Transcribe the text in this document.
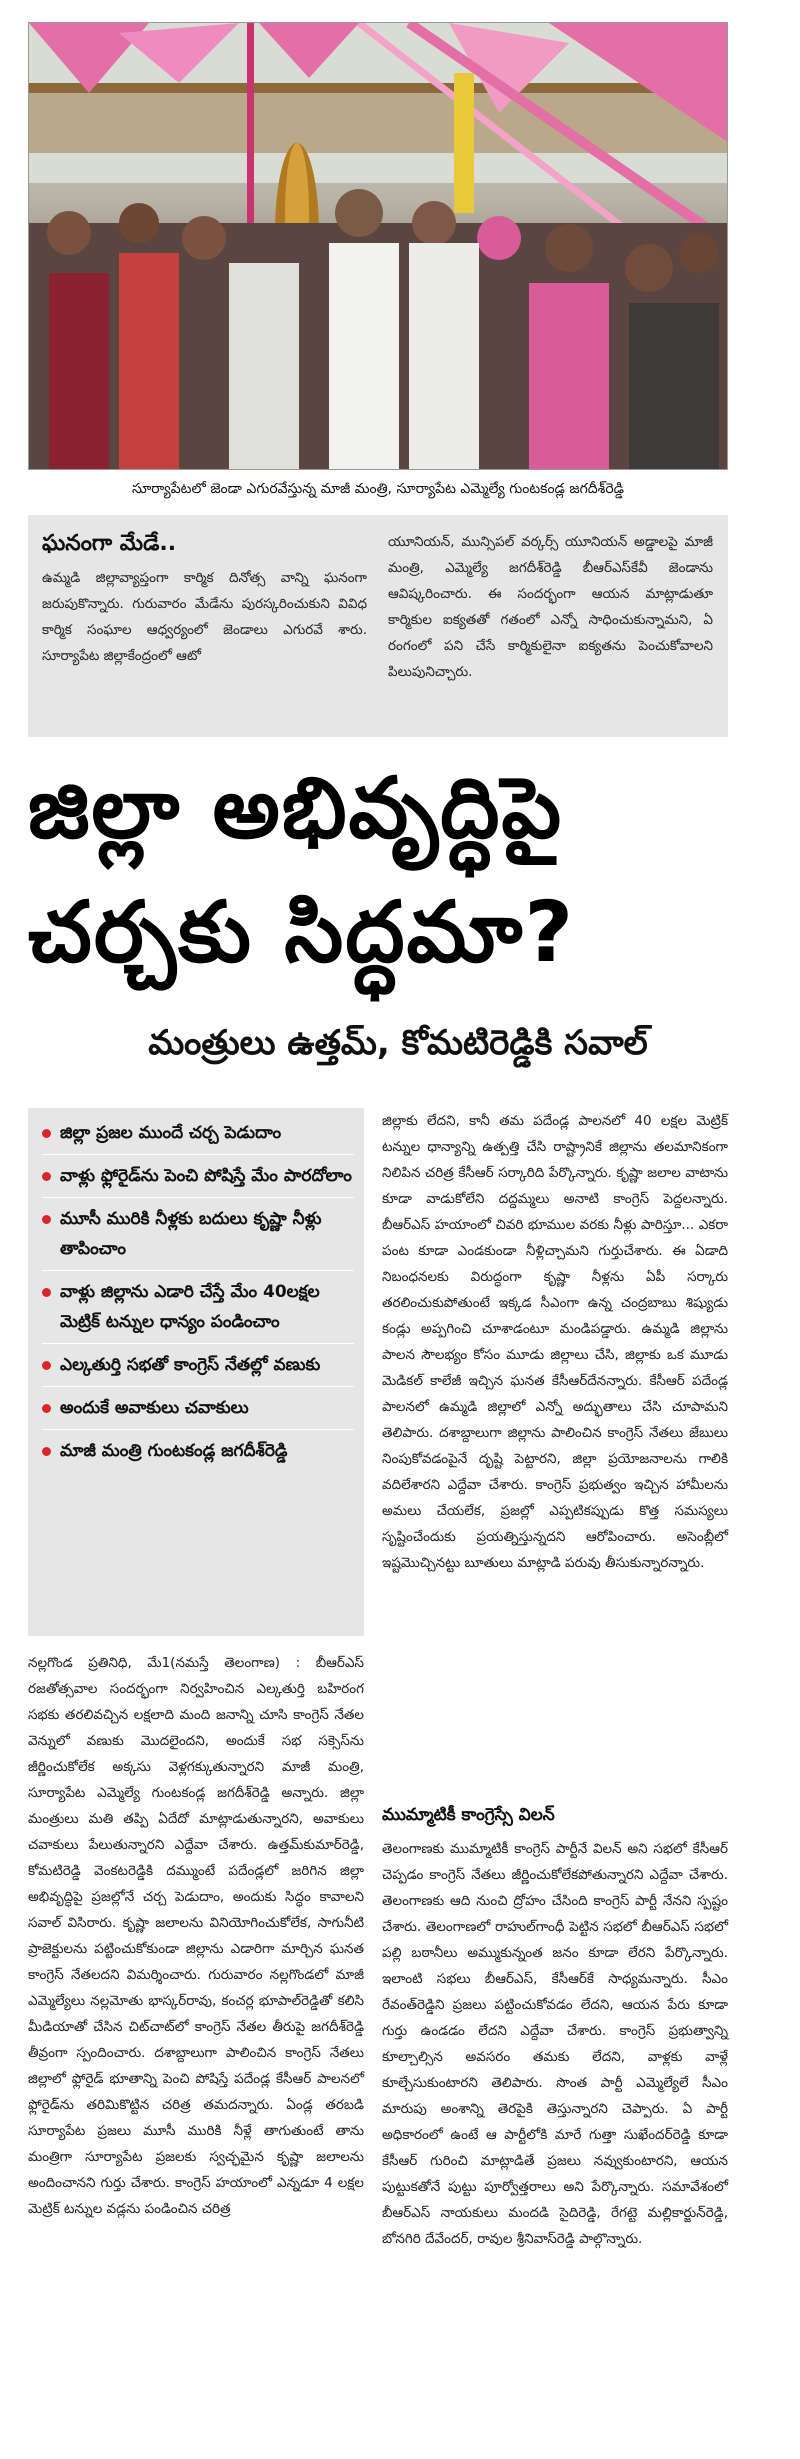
సూర్యాపేటలో జెండా ఎగురవేస్తున్న మాజీ మంత్రి, సూర్యాపేట ఎమ్మెల్యే గుంటకండ్ల జగదీశ్‌రెడ్డి
ఘనంగా మేడే..
ఉమ్మడి జిల్లావ్యాప్తంగా కార్మిక దినోత్స వాన్ని ఘనంగా జరుపుకొన్నారు. గురువారం మేడేను పురస్కరించుకుని వివిధ కార్మిక సంఘాల ఆధ్వర్యంలో జెండాలు ఎగురవే శారు. సూర్యాపేట జిల్లాకేంద్రంలో ఆటో
యూనియన్, మున్సిపల్ వర్కర్స్ యూనియన్ అడ్డాలపై మాజీ మంత్రి, ఎమ్మెల్యే జగదీశ్‌రెడ్డి బీఆర్‌ఎస్‌కేవీ జెండాను ఆవిష్కరించారు. ఈ సందర్భంగా ఆయన మాట్లాడుతూ కార్మికుల ఐక్యతతో గతంలో ఎన్నో సాధించుకున్నామని, ఏ రంగంలో పని చేసే కార్మికులైనా ఐక్యతను పెంచుకోవాలని పిలుపునిచ్చారు.
జిల్లా అభివృద్ధిపై
చర్చకు సిద్ధమా?
మంత్రులు ఉత్తమ్, కోమటిరెడ్డికి సవాల్
జిల్లా ప్రజల ముందే చర్చ పెడుదాం
వాళ్లు ఫ్లోరైడ్‌ను పెంచి పోషిస్తే మేం పారదోలాం
మూసీ మురికి నీళ్లకు బదులు కృష్ణా నీళ్లు తాపించాం
వాళ్లు జిల్లాను ఎడారి చేస్తే మేం 40లక్షల మెట్రిక్ టన్నుల ధాన్యం పండించాం
ఎల్కతుర్తి సభతో కాంగ్రెస్ నేతల్లో వణుకు
అందుకే అవాకులు చవాకులు
మాజీ మంత్రి గుంటకండ్ల జగదీశ్‌రెడ్డి
జిల్లాకు లేదని, కానీ తమ పదేండ్ల పాలనలో 40 లక్షల మెట్రిక్ టన్నుల ధాన్యాన్ని ఉత్పత్తి చేసి రాష్ట్రానికే జిల్లాను తలమానికంగా నిలిపిన చరిత్ర కేసీఆర్ సర్కారిది పేర్కొన్నారు. కృష్ణా జలాల వాటాను కూడా వాడుకోలేని దద్దమ్మలు అనాటి కాంగ్రెస్ పెద్దలన్నారు. బీఆర్‌ఎస్ హయాంలో చివరి భూముల వరకు నీళ్లు పారిస్తూ... ఎకరా పంట కూడా ఎండకుండా నీళ్లిచ్చామని గుర్తుచేశారు. ఈ ఏడాది నిబంధనలకు విరుద్ధంగా కృష్ణా నీళ్లను ఏపీ సర్కారు తరలించుకుపోతుంటే ఇక్కడ సీఎంగా ఉన్న చంద్రబాబు శిష్యుడు కండ్లు అప్పగించి చూశాడంటూ మండిపడ్డారు. ఉమ్మడి జిల్లాను పాలన సౌలభ్యం కోసం మూడు జిల్లాలు చేసి, జిల్లాకు ఒక మూడు మెడికల్ కాలేజీ ఇచ్చిన ఘనత కేసీఆర్‌దేనన్నారు. కేసీఆర్ పదేండ్ల పాలనలో ఉమ్మడి జిల్లాలో ఎన్నో అద్భుతాలు చేసి చూపామని తెలిపారు. దశాబ్దాలుగా జిల్లాను పాలించిన కాంగ్రెస్ నేతలు జేబులు నింపుకోవడంపైనే దృష్టి పెట్టారని, జిల్లా ప్రయోజనాలను గాలికి వదిలేశారని ఎద్దేవా చేశారు. కాంగ్రెస్ ప్రభుత్వం ఇచ్చిన హామీలను అమలు చేయలేక, ప్రజల్లో ఎప్పటికప్పుడు కొత్త సమస్యలు సృష్టించేందుకు ప్రయత్నిస్తున్నదని ఆరోపించారు. అసెంబ్లీలో ఇష్టమొచ్చినట్టు బూతులు మాట్లాడి పరువు తీసుకున్నారన్నారు.
ముమ్మాటికీ కాంగ్రెస్సే విలన్
తెలంగాణకు ముమ్మాటికీ కాంగ్రెస్ పార్టీనే విలన్ అని సభలో కేసీఆర్ చెప్పడం కాంగ్రెస్ నేతలు జీర్ణించుకోలేకపోతున్నారని ఎద్దేవా చేశారు. తెలంగాణకు ఆది నుంచి ద్రోహం చేసింది కాంగ్రెస్ పార్టీ నేనని స్పష్టం చేశారు. తెలంగాణలో రాహుల్‌గాంధీ పెట్టిన సభలో బీఆర్‌ఎస్ సభలో పల్లి బఠానీలు అమ్ముకున్నంత జనం కూడా లేరని పేర్కొన్నారు. ఇలాంటి సభలు బీఆర్‌ఎస్, కేసీఆర్‌కే సాధ్యమన్నారు. సీఎం రేవంత్‌రెడ్డిని ప్రజలు పట్టించుకోవడం లేదని, ఆయన పేరు కూడా గుర్తు ఉండడం లేదని ఎద్దేవా చేశారు. కాంగ్రెస్ ప్రభుత్వాన్ని కూల్చాల్సిన అవసరం తమకు లేదని, వాళ్లకు వాళ్లే కూల్చేసుకుంటారని తెలిపారు. సొంత పార్టీ ఎమ్మెల్యేలే సీఎం మారుపు అంశాన్ని తెరపైకి తెస్తున్నారని చెప్పారు. ఏ పార్టీ అధికారంలో ఉంటే ఆ పార్టీలోకి మారే గుత్తా సుఖేందర్‌రెడ్డి కూడా కేసీఆర్ గురించి మాట్లాడితే ప్రజలు నవ్వుకుంటారని, ఆయన పుట్టుకతోనే పుట్టు పూర్వోత్తరాలు అని పేర్కొన్నారు. సమావేశంలో బీఆర్‌ఎస్ నాయకులు మందడి సైదిరెడ్డి, రేగట్టె మల్లికార్జున్‌రెడ్డి, బోనగిరి దేవేందర్, రావుల శ్రీనివాస్‌రెడ్డి పాల్గొన్నారు.
నల్లగొండ ప్రతినిధి, మే1(నమస్తే తెలంగాణ) : బీఆర్‌ఎస్ రజతోత్సవాల సందర్భంగా నిర్వహించిన ఎల్కతుర్తి బహిరంగ సభకు తరలివచ్చిన లక్షలాది మంది జనాన్ని చూసి కాంగ్రెస్ నేతల వెన్నులో వణుకు మొదలైందని, అందుకే సభ సక్సెస్‌ను జీర్ణించుకోలేక అక్కసు వెళ్లగక్కుతున్నారని మాజీ మంత్రి, సూర్యాపేట ఎమ్మెల్యే గుంటకండ్ల జగదీశ్‌రెడ్డి అన్నారు. జిల్లా మంత్రులు మతి తప్పి ఏదేదో మాట్లాడుతున్నారని, అవాకులు చవాకులు పేలుతున్నారని ఎద్దేవా చేశారు. ఉత్తమ్‌కుమార్‌రెడ్డి, కోమటిరెడ్డి వెంకటరెడ్డికి దమ్ముంటే పదేండ్లలో జరిగిన జిల్లా అభివృద్ధిపై ప్రజల్లోనే చర్చ పెడుదాం, అందుకు సిద్ధం కావాలని సవాల్ విసిరారు. కృష్ణా జలాలను వినియోగించుకోలేక, సాగునీటి ప్రాజెక్టులను పట్టించుకోకుండా జిల్లాను ఎడారిగా మార్చిన ఘనత కాంగ్రెస్ నేతలదని విమర్శించారు. గురువారం నల్లగొండలో మాజీ ఎమ్మెల్యేలు నల్లమోతు భాస్కర్‌రావు, కంచర్ల భూపాల్‌రెడ్డితో కలిసి మీడియాతో చేసిన చిట్‌చాట్‌లో కాంగ్రెస్ నేతల తీరుపై జగదీశ్‌రెడ్డి తీవ్రంగా స్పందించారు. దశాబ్దాలుగా పాలించిన కాంగ్రెస్ నేతలు జిల్లాలో ఫ్లోరైడ్ భూతాన్ని పెంచి పోషిస్తే పదేండ్ల కేసీఆర్ పాలనలో ఫ్లోరైడ్‌ను తరిమికొట్టిన చరిత్ర తమదన్నారు. ఏండ్ల తరబడి సూర్యాపేట ప్రజలు మూసీ మురికి నీళ్లే తాగుతుంటే తాను మంత్రిగా సూర్యాపేట ప్రజలకు స్వచ్ఛమైన కృష్ణా జలాలను అందించానని గుర్తు చేశారు. కాంగ్రెస్ హయాంలో ఎన్నడూ 4 లక్షల మెట్రిక్ టన్నుల వడ్లను పండించిన చరిత్ర
